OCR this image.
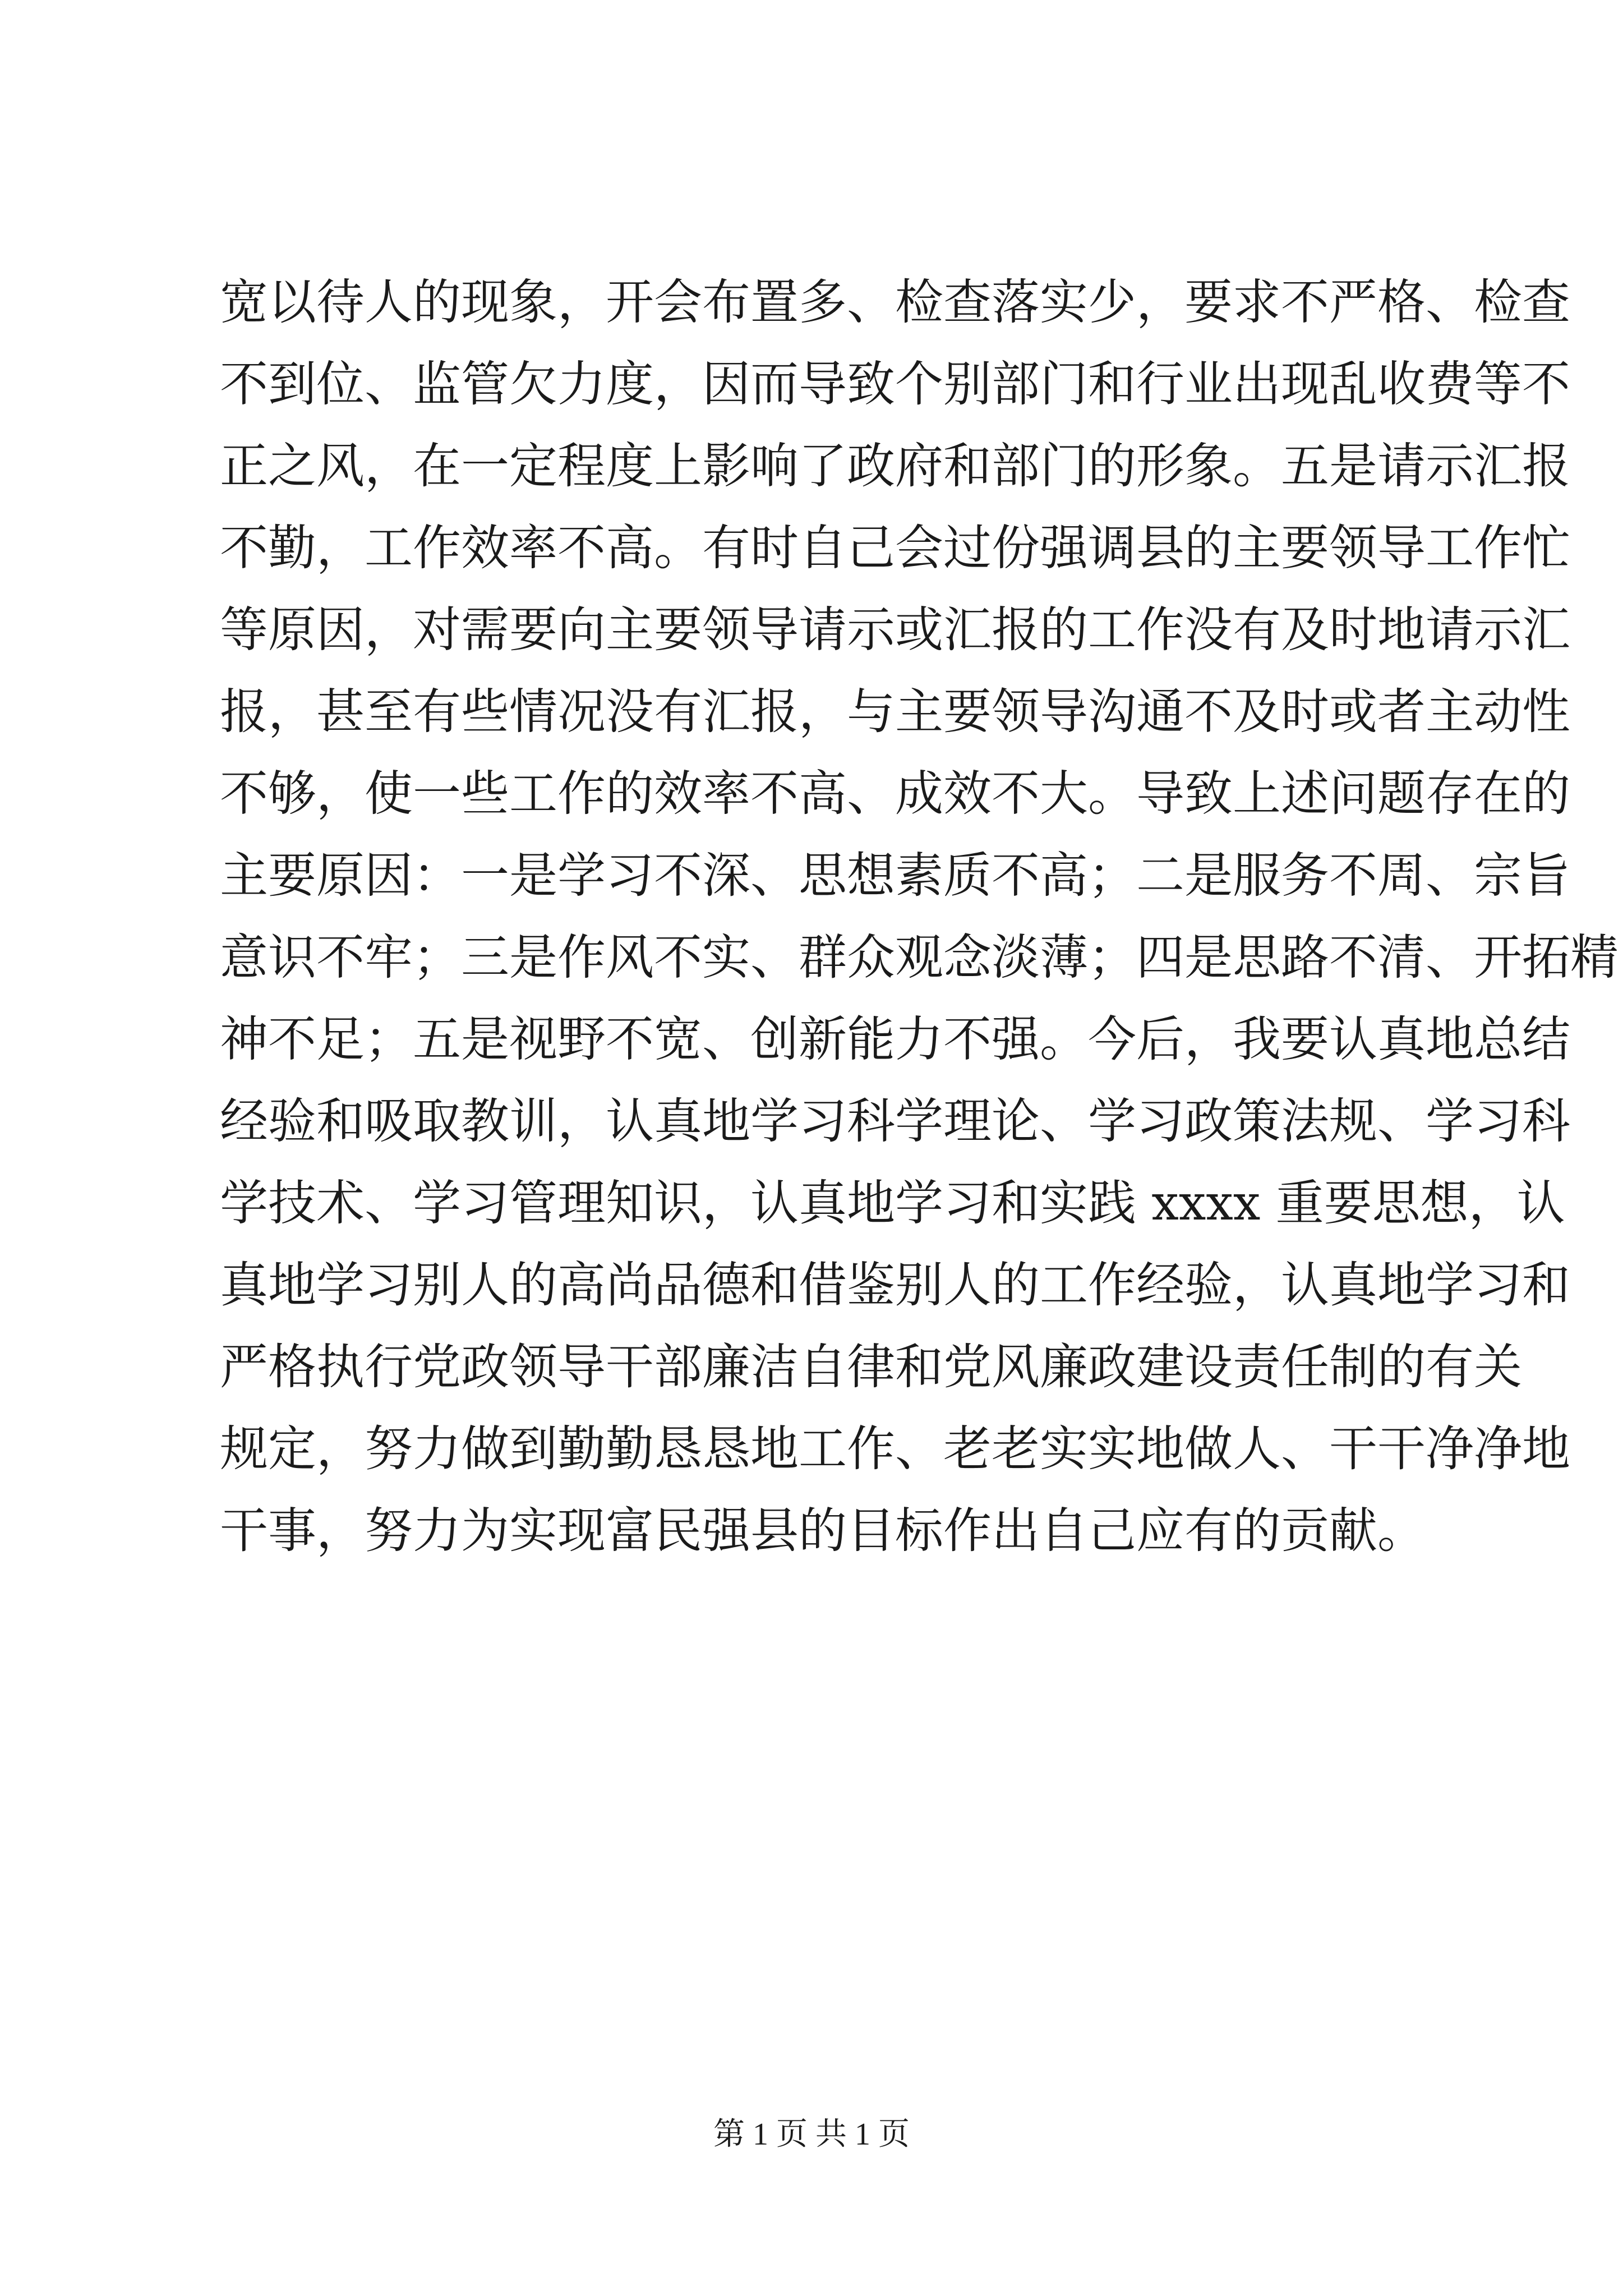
宽以待人的现象，开会布置多、检查落实少，要求不严格、检查
不到位、监管欠力度，因而导致个别部门和行业出现乱收费等不
正之风，在一定程度上影响了政府和部门的形象。五是请示汇报
不勤，工作效率不高。有时自己会过份强调县的主要领导工作忙
等原因，对需要向主要领导请示或汇报的工作没有及时地请示汇
报，甚至有些情况没有汇报，与主要领导沟通不及时或者主动性
不够，使一些工作的效率不高、成效不大。导致上述问题存在的
主要原因：一是学习不深、思想素质不高；二是服务不周、宗旨
意识不牢；三是作风不实、群众观念淡薄；四是思路不清、开拓精
神不足；五是视野不宽、创新能力不强。今后，我要认真地总结
经验和吸取教训，认真地学习科学理论、学习政策法规、学习科
学技术、学习管理知识，认真地学习和实践 xxxx 重要思想，认
真地学习别人的高尚品德和借鉴别人的工作经验，认真地学习和
严格执行党政领导干部廉洁自律和党风廉政建设责任制的有关
规定，努力做到勤勤恳恳地工作、老老实实地做人、干干净净地
干事，努力为实现富民强县的目标作出自己应有的贡献。
第 1 页 共 1 页
